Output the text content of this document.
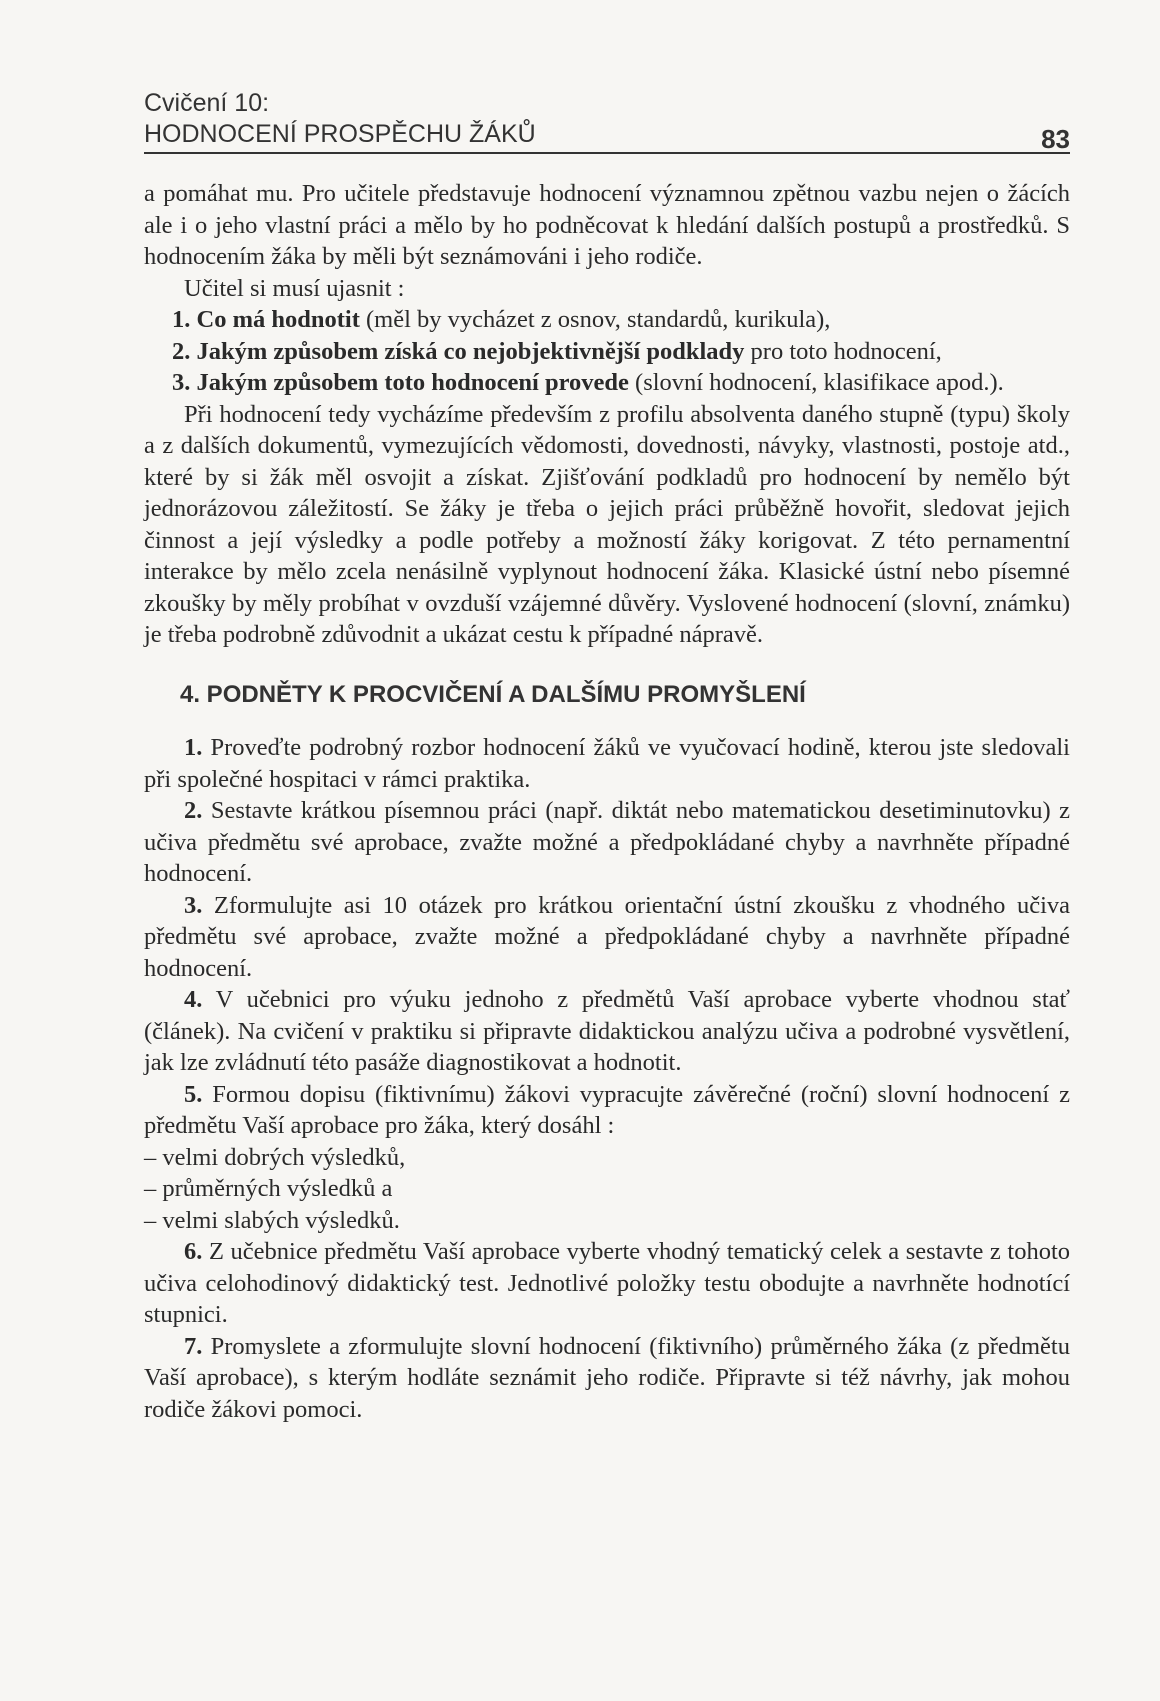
Cvičení 10:
HODNOCENÍ PROSPĚCHU ŽÁKŮ	83

a pomáhat mu. Pro učitele představuje hodnocení významnou zpětnou vazbu nejen o žácích ale i o jeho vlastní práci a mělo by ho podněcovat k hledání dalších postupů a prostředků. S hodnocením žáka by měli být seznámováni i jeho rodiče.

Učitel si musí ujasnit :

1. Co má hodnotit (měl by vycházet z osnov, standardů, kurikula),

2. Jakým způsobem získá co nejobjektivnější podklady pro toto hodnocení,

3. Jakým způsobem toto hodnocení provede (slovní hodnocení, klasifikace apod.).

Při hodnocení tedy vycházíme především z profilu absolventa daného stupně (typu) školy a z dalších dokumentů, vymezujících vědomosti, dovednosti, návyky, vlastnosti, postoje atd., které by si žák měl osvojit a získat. Zjišťování podkladů pro hodnocení by nemělo být jednorázovou záležitostí. Se žáky je třeba o jejich práci průběžně hovořit, sledovat jejich činnost a její výsledky a podle potřeby a možností žáky korigovat. Z této pernamentní interakce by mělo zcela nenásilně vyplynout hodnocení žáka. Klasické ústní nebo písemné zkoušky by měly probíhat v ovzduší vzájemné důvěry. Vyslovené hodnocení (slovní, známku) je třeba podrobně zdůvodnit a ukázat cestu k případné nápravě.

4. PODNĚTY K PROCVIČENÍ A DALŠÍMU PROMYŠLENÍ

1. Proveďte podrobný rozbor hodnocení žáků ve vyučovací hodině, kterou jste sledovali při společné hospitaci v rámci praktika.

2. Sestavte krátkou písemnou práci (např. diktát nebo matematickou desetiminutovku) z učiva předmětu své aprobace, zvažte možné a předpokládané chyby a navrhněte případné hodnocení.

3. Zformulujte asi 10 otázek pro krátkou orientační ústní zkoušku z vhodného učiva předmětu své aprobace, zvažte možné a předpokládané chyby a navrhněte případné hodnocení.

4. V učebnici pro výuku jednoho z předmětů Vaší aprobace vyberte vhodnou stať (článek). Na cvičení v praktiku si připravte didaktickou analýzu učiva a podrobné vysvětlení, jak lze zvládnutí této pasáže diagnostikovat a hodnotit.

5. Formou dopisu (fiktivnímu) žákovi vypracujte závěrečné (roční) slovní hodnocení z předmětu Vaší aprobace pro žáka, který dosáhl :

– velmi dobrých výsledků,

– průměrných výsledků a

– velmi slabých výsledků.

6. Z učebnice předmětu Vaší aprobace vyberte vhodný tematický celek a sestavte z tohoto učiva celohodinový didaktický test. Jednotlivé položky testu obodujte a navrhněte hodnotící stupnici.

7. Promyslete a zformulujte slovní hodnocení (fiktivního) průměrného žáka (z předmětu Vaší aprobace), s kterým hodláte seznámit jeho rodiče. Připravte si též návrhy, jak mohou rodiče žákovi pomoci.
